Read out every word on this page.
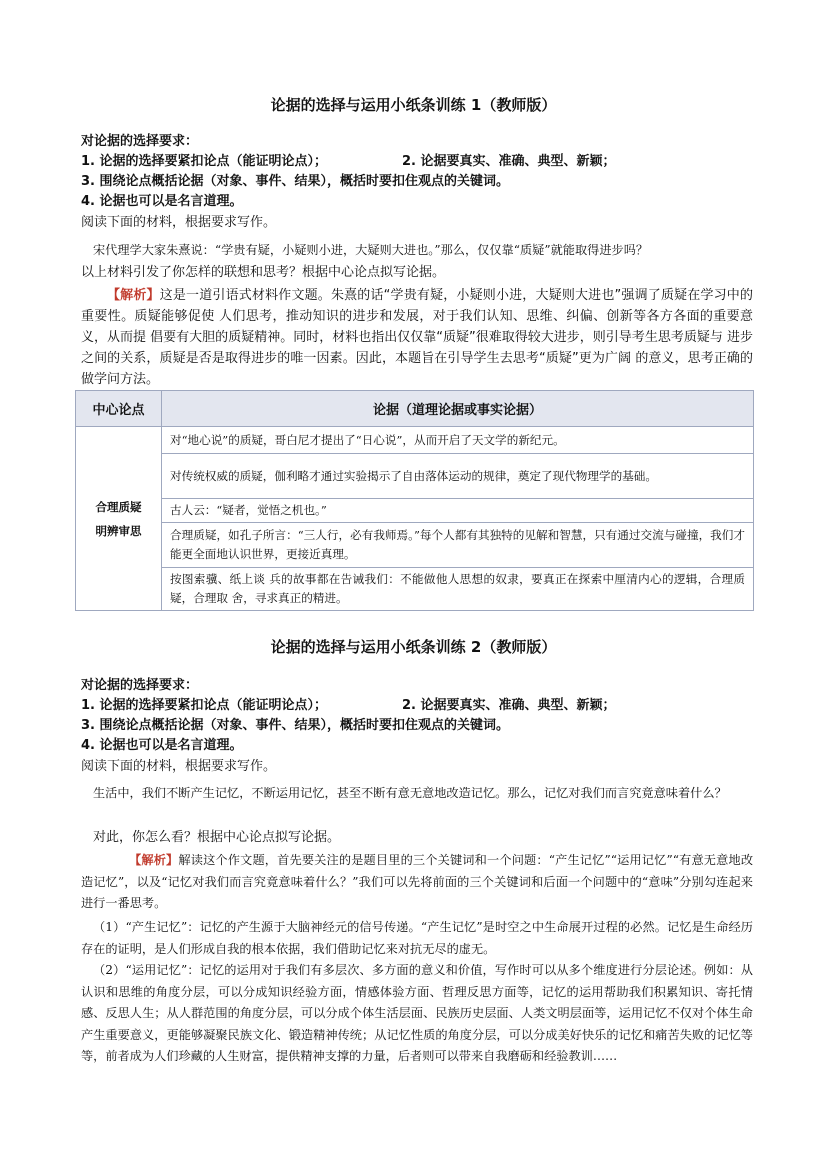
论据的选择与运用小纸条训练 1（教师版）
对论据的选择要求：
1. 论据的选择要紧扣论点（能证明论点）；	2. 论据要真实、准确、典型、新颖；
3. 围绕论点概括论据（对象、事件、结果），概括时要扣住观点的关键词。
4. 论据也可以是名言道理。
阅读下面的材料，根据要求写作。
宋代理学大家朱熹说：“学贵有疑，小疑则小进，大疑则大进也。”那么，仅仅靠“质疑”就能取得进步吗？
以上材料引发了你怎样的联想和思考？根据中心论点拟写论据。
【解析】这是一道引语式材料作文题。朱熹的话“学贵有疑，小疑则小进，大疑则大进也”强调了质疑在学习中的重要性。质疑能够促使 人们思考，推动知识的进步和发展，对于我们认知、思维、纠偏、创新等各方各面的重要意义，从而提 倡要有大胆的质疑精神。同时，材料也指出仅仅靠“质疑”很难取得较大进步，则引导考生思考质疑与 进步之间的关系，质疑是否是取得进步的唯一因素。因此，本题旨在引导学生去思考“质疑”更为广阔 的意义，思考正确的做学问方法。
中心论点	论据（道理论据或事实论据）

合理质疑
明辨审思	对“地心说”的质疑，哥白尼才提出了“日心说”，从而开启了天文学的新纪元。
	对传统权威的质疑，伽利略才通过实验揭示了自由落体运动的规律，奠定了现代物理学的基础。
	古人云：“疑者，觉悟之机也。”
	合理质疑，如孔子所言：“三人行，必有我师焉。”每个人都有其独特的见解和智慧，只有通过交流与碰撞，我们才能更全面地认识世界，更接近真理。
	按图索骥、纸上谈 兵的故事都在告诫我们：不能做他人思想的奴隶，要真正在探索中厘清内心的逻辑，合理质疑，合理取 舍，寻求真正的精进。
论据的选择与运用小纸条训练 2（教师版）
对论据的选择要求：
1. 论据的选择要紧扣论点（能证明论点）；	2. 论据要真实、准确、典型、新颖；
3. 围绕论点概括论据（对象、事件、结果），概括时要扣住观点的关键词。
4. 论据也可以是名言道理。
阅读下面的材料，根据要求写作。
生活中，我们不断产生记忆，不断运用记忆，甚至不断有意无意地改造记忆。那么，记忆对我们而言究竟意味着什么？
对此，你怎么看？根据中心论点拟写论据。
【解析】解读这个作文题，首先要关注的是题目里的三个关键词和一个问题：“产生记忆”“运用记忆”“有意无意地改造记忆”，以及“记忆对我们而言究竟意味着什么？”我们可以先将前面的三个关键词和后面一个问题中的“意味”分别勾连起来进行一番思考。
（1）“产生记忆”：记忆的产生源于大脑神经元的信号传递。“产生记忆”是时空之中生命展开过程的必然。记忆是生命经历存在的证明，是人们形成自我的根本依据，我们借助记忆来对抗无尽的虚无。
（2）“运用记忆”：记忆的运用对于我们有多层次、多方面的意义和价值，写作时可以从多个维度进行分层论述。例如：从认识和思维的角度分层，可以分成知识经验方面，情感体验方面、哲理反思方面等，记忆的运用帮助我们积累知识、寄托情感、反思人生；从人群范围的角度分层，可以分成个体生活层面、民族历史层面、人类文明层面等，运用记忆不仅对个体生命产生重要意义，更能够凝聚民族文化、锻造精神传统；从记忆性质的角度分层，可以分成美好快乐的记忆和痛苦失败的记忆等等，前者成为人们珍藏的人生财富，提供精神支撑的力量，后者则可以带来自我磨砺和经验教训……
